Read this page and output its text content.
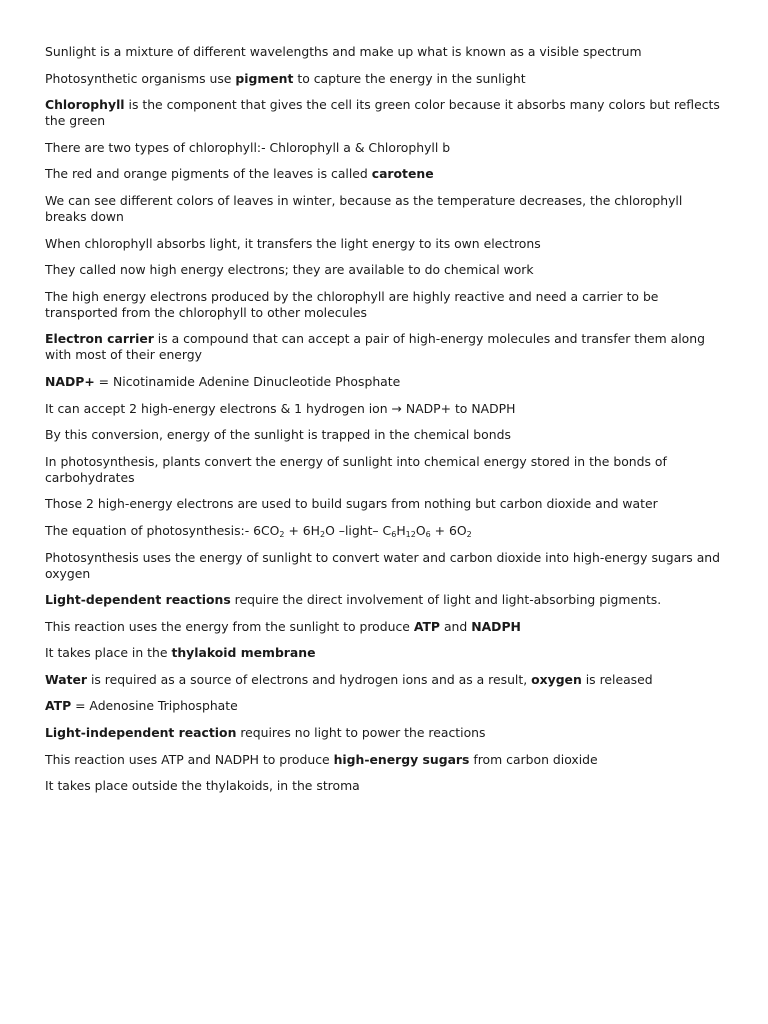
Sunlight is a mixture of different wavelengths and make up what is known as a visible spectrum

Photosynthetic organisms use pigment to capture the energy in the sunlight

Chlorophyll is the component that gives the cell its green color because it absorbs many colors but reflects the green

There are two types of chlorophyll:- Chlorophyll a & Chlorophyll b

The red and orange pigments of the leaves is called carotene

We can see different colors of leaves in winter, because as the temperature decreases, the chlorophyll breaks down

When chlorophyll absorbs light, it transfers the light energy to its own electrons

They called now high energy electrons; they are available to do chemical work

The high energy electrons produced by the chlorophyll are highly reactive and need a carrier to be transported from the chlorophyll to other molecules

Electron carrier is a compound that can accept a pair of high-energy molecules and transfer them along with most of their energy

NADP+ = Nicotinamide Adenine Dinucleotide Phosphate

It can accept 2 high-energy electrons & 1 hydrogen ion → NADP+ to NADPH

By this conversion, energy of the sunlight is trapped in the chemical bonds

In photosynthesis, plants convert the energy of sunlight into chemical energy stored in the bonds of carbohydrates

Those 2 high-energy electrons are used to build sugars from nothing but carbon dioxide and water

The equation of photosynthesis:- 6CO2 + 6H2O –light– C6H12O6 + 6O2

Photosynthesis uses the energy of sunlight to convert water and carbon dioxide into high-energy sugars and oxygen

Light-dependent reactions require the direct involvement of light and light-absorbing pigments.

This reaction uses the energy from the sunlight to produce ATP and NADPH

It takes place in the thylakoid membrane

Water is required as a source of electrons and hydrogen ions and as a result, oxygen is released

ATP = Adenosine Triphosphate

Light-independent reaction requires no light to power the reactions

This reaction uses ATP and NADPH to produce high-energy sugars from carbon dioxide

It takes place outside the thylakoids, in the stroma
